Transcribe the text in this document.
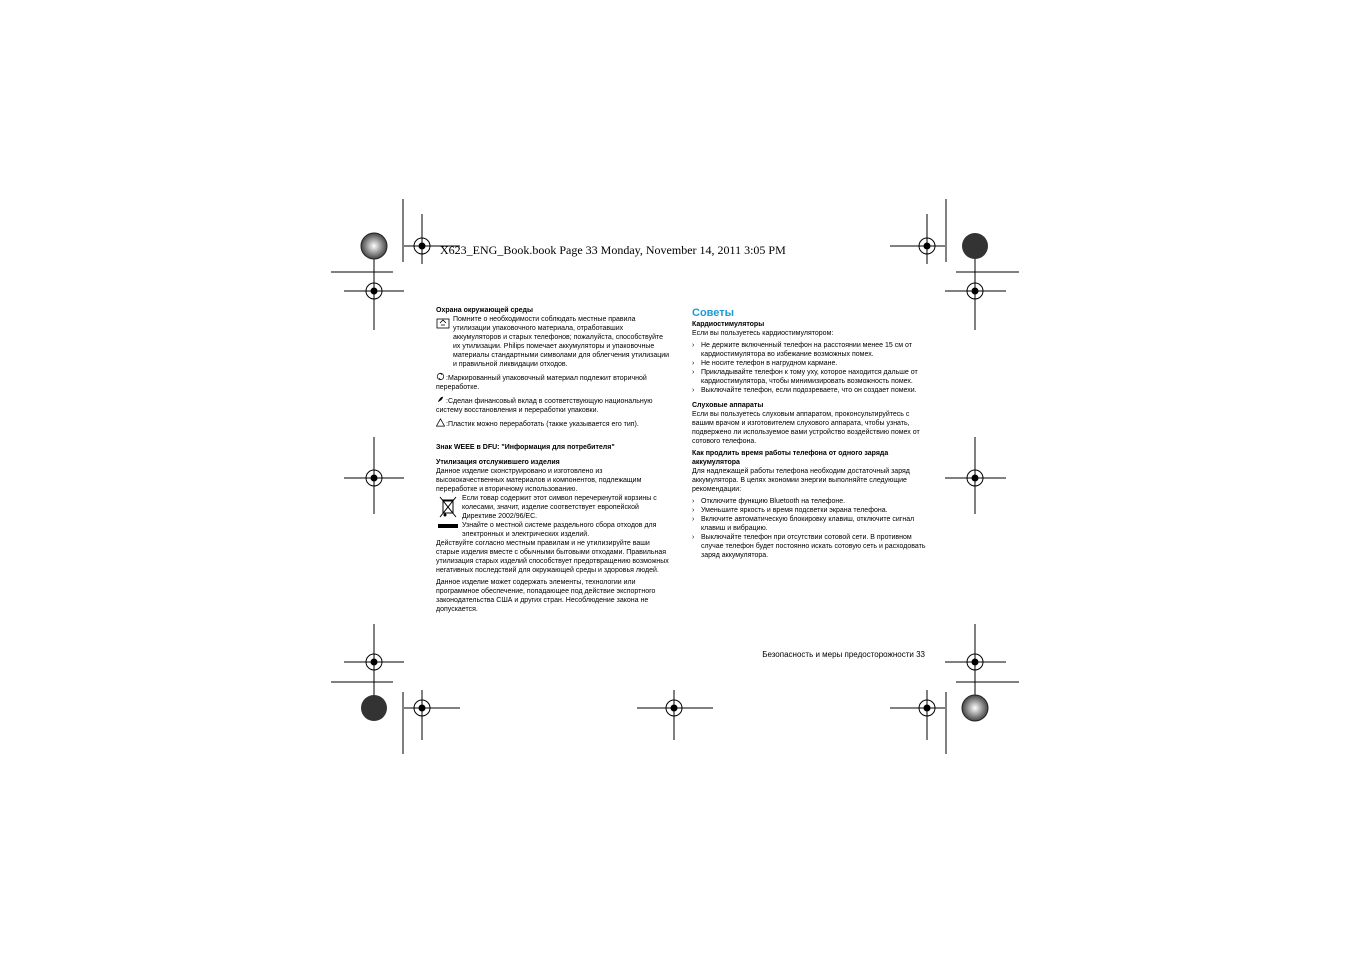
X623_ENG_Book.book Page 33 Monday, November 14, 2011 3:05 PM

Охрана окружающей среды

Помните о необходимости соблюдать местные правила утилизации упаковочного материала, отработавших аккумуляторов и старых телефонов; пожалуйста, способствуйте их утилизации. Philips помечает аккумуляторы и упаковочные материалы стандартными символами для облегчения утилизации и правильной ликвидации отходов.

:Маркированный упаковочный материал подлежит вторичной переработке.

:Сделан финансовый вклад в соответствующую национальную систему восстановления и переработки упаковки.

:Пластик можно переработать (также указывается его тип).

Знак WEEE в DFU: "Информация для потребителя"

Утилизация отслужившего изделия

Данное изделие сконструировано и изготовлено из высококачественных материалов и компонентов, подлежащим переработке и вторичному использованию.

Если товар содержит этот символ перечеркнутой корзины с колесами, значит, изделие соответствует европейской Директиве 2002/96/EC.

Узнайте о местной системе раздельного сбора отходов для электронных и электрических изделий.

Действуйте согласно местным правилам и не утилизируйте ваши старые изделия вместе с обычными бытовыми отходами. Правильная утилизация старых изделий способствует предотвращению возможных негативных последствий для окружающей среды и здоровья людей.

Данное изделие может содержать элементы, технологии или программное обеспечение, попадающее под действие экспортного законодательства США и других стран. Несоблюдение закона не допускается.

Советы

Кардиостимуляторы

Если вы пользуетесь кардиостимулятором:

› Не держите включенный телефон на расстоянии менее 15 см от кардиостимулятора во избежание возможных помех.
› Не носите телефон в нагрудном кармане.
› Прикладывайте телефон к тому уху, которое находится дальше от кардиостимулятора, чтобы минимизировать возможность помех.
› Выключайте телефон, если подозреваете, что он создает помехи.

Слуховые аппараты

Если вы пользуетесь слуховым аппаратом, проконсультируйтесь с вашим врачом и изготовителем слухового аппарата, чтобы узнать, подвержено ли используемое вами устройство воздействию помех от сотового телефона.

Как продлить время работы телефона от одного заряда аккумулятора

Для надлежащей работы телефона необходим достаточный заряд аккумулятора. В целях экономии энергии выполняйте следующие рекомендации:

› Отключите функцию Bluetooth на телефоне.
› Уменьшите яркость и время подсветки экрана телефона.
› Включите автоматическую блокировку клавиш, отключите сигнал клавиш и вибрацию.
› Выключайте телефон при отсутствии сотовой сети. В противном случае телефон будет постоянно искать сотовую сеть и расходовать заряд аккумулятора.
Безопасность и меры предосторожности 33
